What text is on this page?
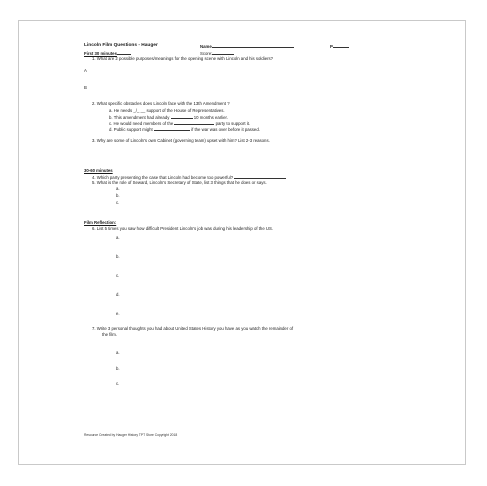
Lincoln Film Questions - Hauger	Name	P
First 30 minutes	Score:
1. What are 2 possible purposes/meanings for the opening scene with Lincoln and his soldiers?
A
B
2. What specific obstacles does Lincoln face with the 13th Amendment ?
a. He needs _/_ __ support of the House of Representatives.
b. This amendment had already	10 months earlier.
c. He would need members of the	party to support it.
d. Public support might	if the war was over before it passed.
3. Why are some of Lincoln's own Cabinet (governing team) upset with him? List 2-3 reasons.
30-60 minutes
4. Which party presenting the case that Lincoln had become too powerful?
5. What is the role of Seward, Lincoln's Secretary of State, list 3 things that he does or says.
a.
b.
c.
Film Reflection:
6. List 5 times you saw how difficult President Lincoln's job was during his leadership of the US.
a.
b.
c.
d.
e.
7. Write 3 personal thoughts you had about United States History you have as you watch the remainder of
the film.
a.
b.
c.
Resource Created by Hauger History TPT Store Copyright 2018
